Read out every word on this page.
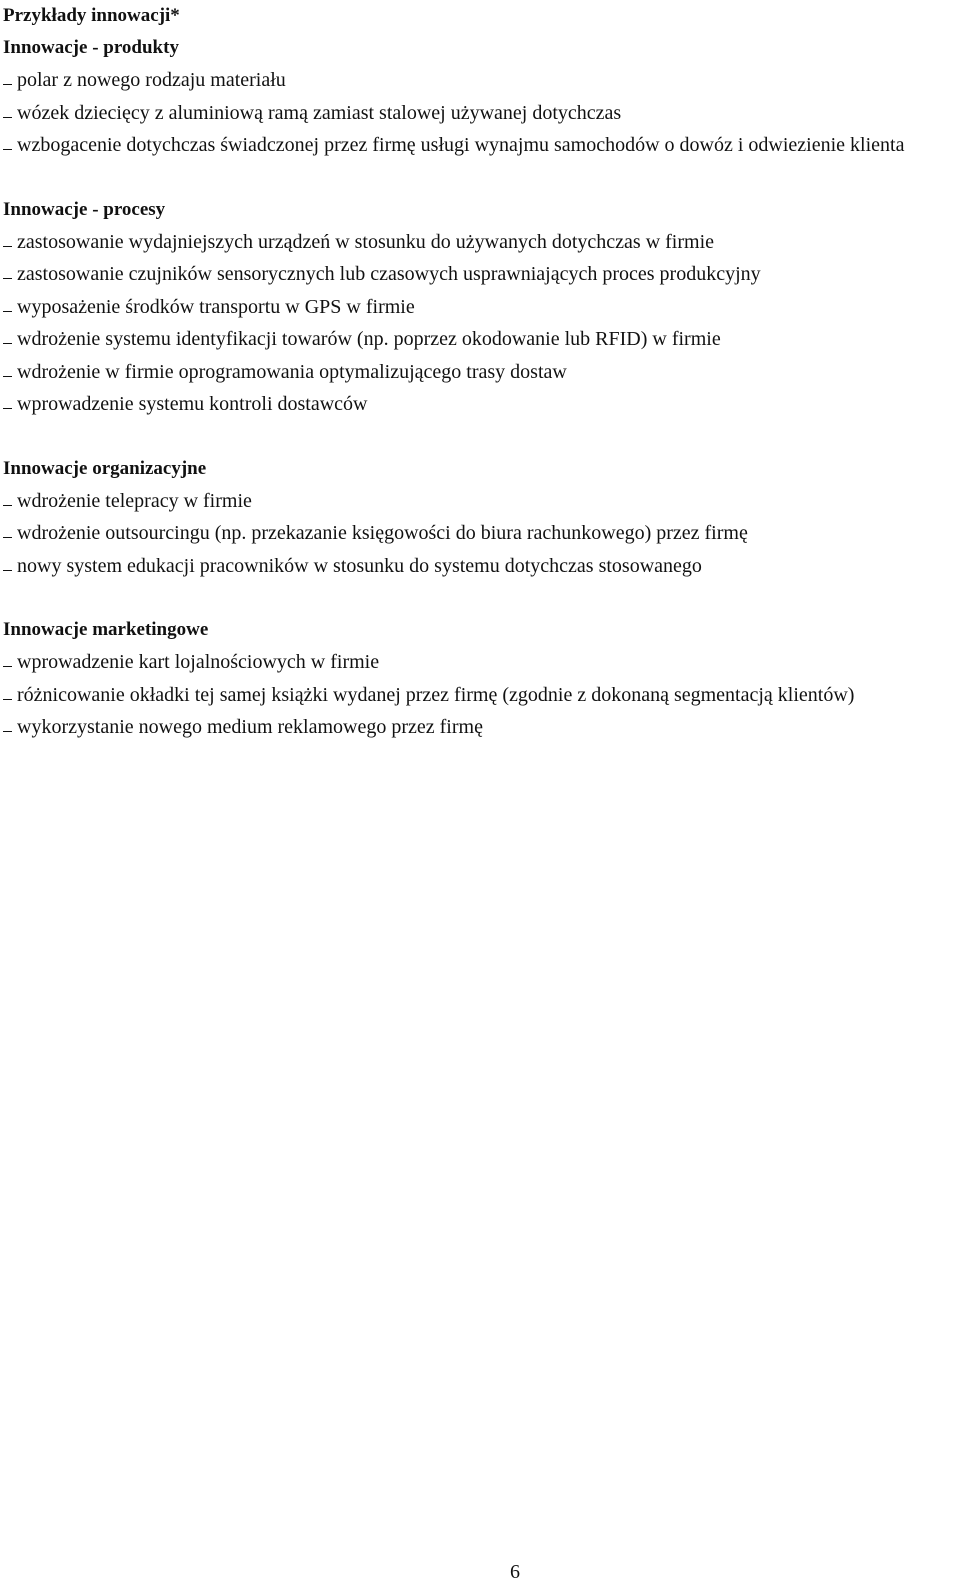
Przykłady innowacji*

Innowacje - produkty

polar z nowego rodzaju materiału
wózek dziecięcy z aluminiową ramą zamiast stalowej używanej dotychczas
wzbogacenie dotychczas świadczonej przez firmę usługi wynajmu samochodów o dowóz i odwiezienie klienta

Innowacje - procesy

zastosowanie wydajniejszych urządzeń w stosunku do używanych dotychczas w firmie
zastosowanie czujników sensorycznych lub czasowych usprawniających proces produkcyjny
wyposażenie środków transportu w GPS w firmie
wdrożenie systemu identyfikacji towarów (np. poprzez okodowanie lub RFID) w firmie
wdrożenie w firmie oprogramowania optymalizującego trasy dostaw
wprowadzenie systemu kontroli dostawców

Innowacje organizacyjne

wdrożenie telepracy w firmie
wdrożenie outsourcingu (np. przekazanie księgowości do biura rachunkowego) przez firmę
nowy system edukacji pracowników w stosunku do systemu dotychczas stosowanego

Innowacje marketingowe

wprowadzenie kart lojalnościowych w firmie
różnicowanie okładki tej samej książki wydanej przez firmę (zgodnie z dokonaną segmentacją klientów)
wykorzystanie nowego medium reklamowego przez firmę
6
